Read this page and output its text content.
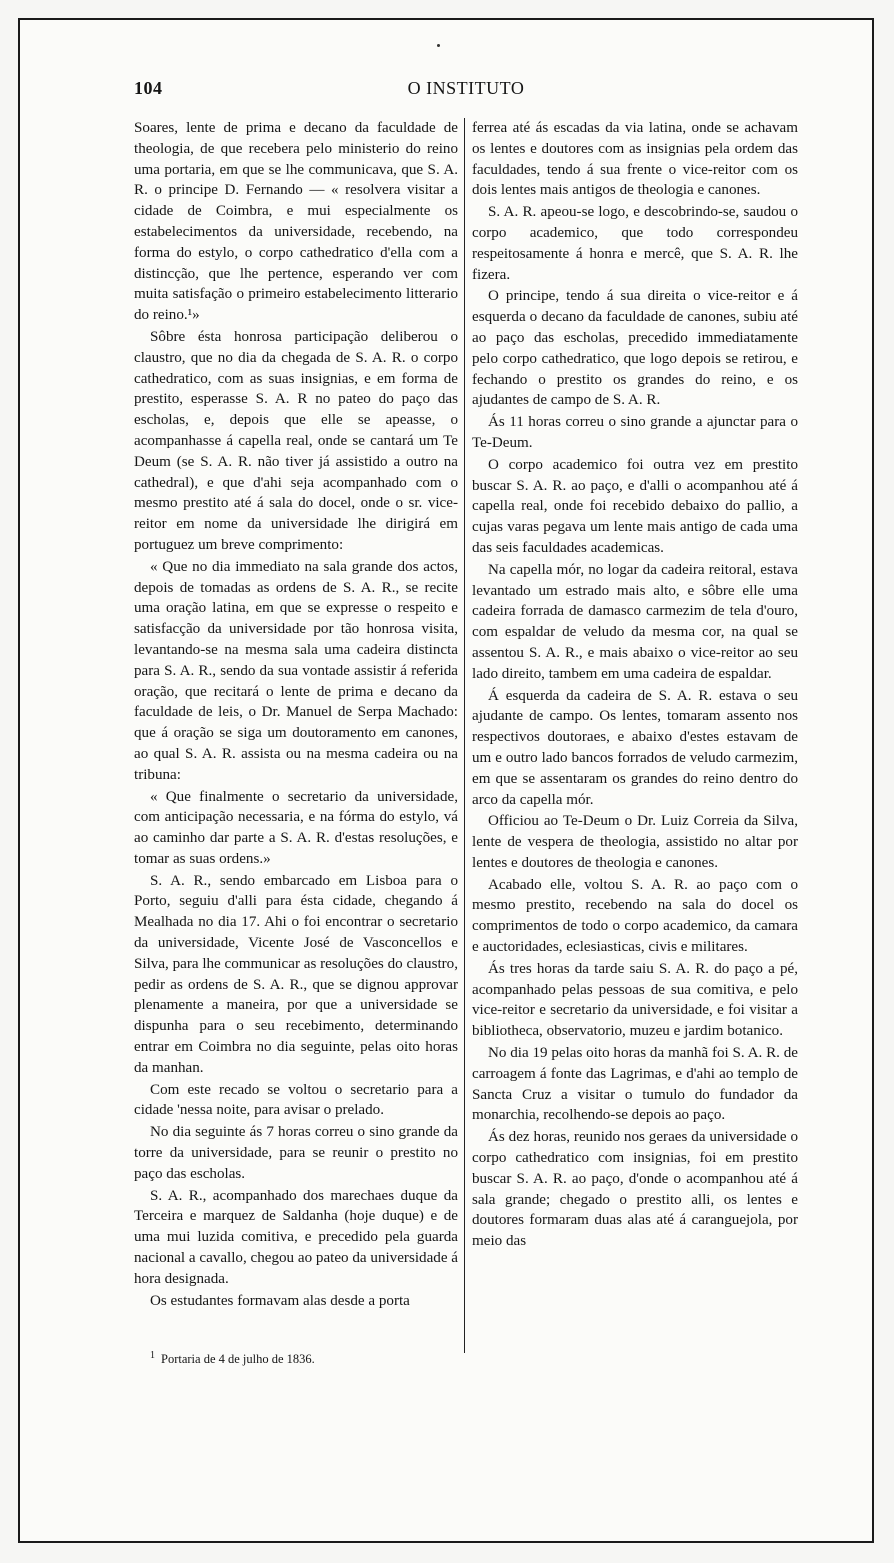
104	O INSTITUTO

Soares, lente de prima e decano da faculdade de theologia, de que recebera pelo ministerio do reino uma portaria, em que se lhe communicava, que S. A. R. o principe D. Fernando — « resolvera visitar a cidade de Coimbra, e mui especialmente os estabelecimentos da universidade, recebendo, na forma do estylo, o corpo cathedratico d'ella com a distincção, que lhe pertence, esperando ver com muita satisfação o primeiro estabelecimento litterario do reino.¹»

Sôbre ésta honrosa participação deliberou o claustro, que no dia da chegada de S. A. R. o corpo cathedratico, com as suas insignias, e em forma de prestito, esperasse S. A. R no pateo do paço das escholas, e, depois que elle se apeasse, o acompanhasse á capella real, onde se cantará um Te Deum (se S. A. R. não tiver já assistido a outro na cathedral), e que d'ahi seja acompanhado com o mesmo prestito até á sala do docel, onde o sr. vice-reitor em nome da universidade lhe dirigirá em portuguez um breve comprimento:

« Que no dia immediato na sala grande dos actos, depois de tomadas as ordens de S. A. R., se recite uma oração latina, em que se expresse o respeito e satisfacção da universidade por tão honrosa visita, levantando-se na mesma sala uma cadeira distincta para S. A. R., sendo da sua vontade assistir á referida oração, que recitará o lente de prima e decano da faculdade de leis, o Dr. Manuel de Serpa Machado: que á oração se siga um doutoramento em canones, ao qual S. A. R. assista ou na mesma cadeira ou na tribuna:

« Que finalmente o secretario da universidade, com anticipação necessaria, e na fórma do estylo, vá ao caminho dar parte a S. A. R. d'estas resoluções, e tomar as suas ordens.»

S. A. R., sendo embarcado em Lisboa para o Porto, seguiu d'alli para ésta cidade, chegando á Mealhada no dia 17. Ahi o foi encontrar o secretario da universidade, Vicente José de Vasconcellos e Silva, para lhe communicar as resoluções do claustro, pedir as ordens de S. A. R., que se dignou approvar plenamente a maneira, por que a universidade se dispunha para o seu recebimento, determinando entrar em Coimbra no dia seguinte, pelas oito horas da manhan.

Com este recado se voltou o secretario para a cidade 'nessa noite, para avisar o prelado.

No dia seguinte ás 7 horas correu o sino grande da torre da universidade, para se reunir o prestito no paço das escholas.

S. A. R., acompanhado dos marechaes duque da Terceira e marquez de Saldanha (hoje duque) e de uma mui luzida comitiva, e precedido pela guarda nacional a cavallo, chegou ao pateo da universidade á hora designada.

Os estudantes formavam alas desde a porta

ferrea até ás escadas da via latina, onde se achavam os lentes e doutores com as insignias pela ordem das faculdades, tendo á sua frente o vice-reitor com os dois lentes mais antigos de theologia e canones.

S. A. R. apeou-se logo, e descobrindo-se, saudou o corpo academico, que todo correspondeu respeitosamente á honra e mercê, que S. A. R. lhe fizera.

O principe, tendo á sua direita o vice-reitor e á esquerda o decano da faculdade de canones, subiu até ao paço das escholas, precedido immediatamente pelo corpo cathedratico, que logo depois se retirou, e fechando o prestito os grandes do reino, e os ajudantes de campo de S. A. R.

Ás 11 horas correu o sino grande a ajunctar para o Te-Deum.

O corpo academico foi outra vez em prestito buscar S. A. R. ao paço, e d'alli o acompanhou até á capella real, onde foi recebido debaixo do pallio, a cujas varas pegava um lente mais antigo de cada uma das seis faculdades academicas.

Na capella mór, no logar da cadeira reitoral, estava levantado um estrado mais alto, e sôbre elle uma cadeira forrada de damasco carmezim de tela d'ouro, com espaldar de veludo da mesma cor, na qual se assentou S. A. R., e mais abaixo o vice-reitor ao seu lado direito, tambem em uma cadeira de espaldar.

Á esquerda da cadeira de S. A. R. estava o seu ajudante de campo. Os lentes, tomaram assento nos respectivos doutoraes, e abaixo d'estes estavam de um e outro lado bancos forrados de veludo carmezim, em que se assentaram os grandes do reino dentro do arco da capella mór.

Officiou ao Te-Deum o Dr. Luiz Correia da Silva, lente de vespera de theologia, assistido no altar por lentes e doutores de theologia e canones.

Acabado elle, voltou S. A. R. ao paço com o mesmo prestito, recebendo na sala do docel os comprimentos de todo o corpo academico, da camara e auctoridades, eclesiasticas, civis e militares.

Ás tres horas da tarde saiu S. A. R. do paço a pé, acompanhado pelas pessoas de sua comitiva, e pelo vice-reitor e secretario da universidade, e foi visitar a bibliotheca, observatorio, muzeu e jardim botanico.

No dia 19 pelas oito horas da manhã foi S. A. R. de carroagem á fonte das Lagrimas, e d'ahi ao templo de Sancta Cruz a visitar o tumulo do fundador da monarchia, recolhendo-se depois ao paço.

Ás dez horas, reunido nos geraes da universidade o corpo cathedratico com insignias, foi em prestito buscar S. A. R. ao paço, d'onde o acompanhou até á sala grande; chegado o prestito alli, os lentes e doutores formaram duas alas até á caranguejola, por meio das

$^1$ Portaria de 4 de julho de 1836.
